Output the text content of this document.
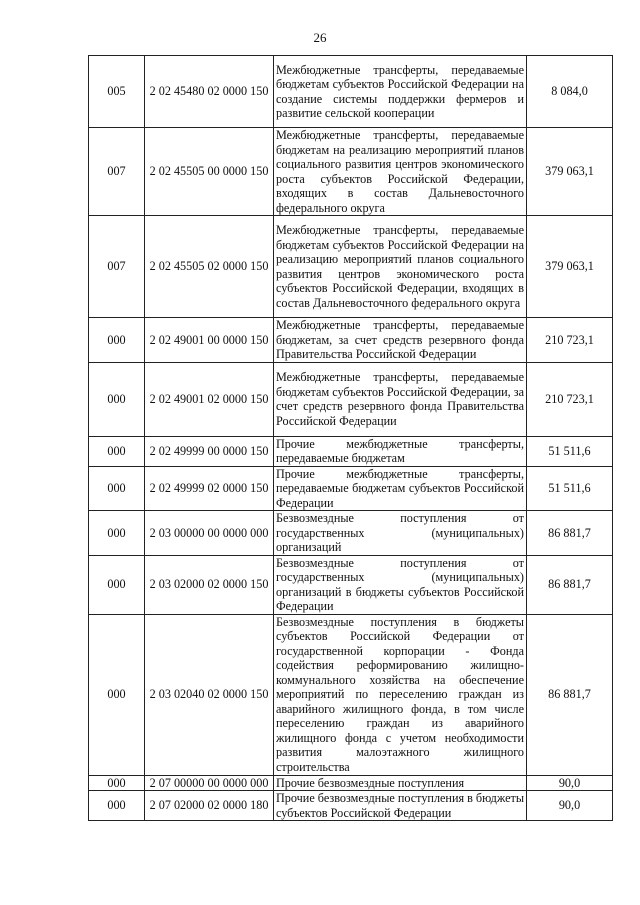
26
005	2 02 45480 02 0000 150	Межбюджетные трансферты, передаваемые бюджетам субъектов Российской Федерации на создание системы поддержки фермеров и развитие сельской кооперации	8 084,0
007	2 02 45505 00 0000 150	Межбюджетные трансферты, передаваемые бюджетам на реализацию мероприятий планов социального развития центров экономического роста субъектов Российской Федерации, входящих в состав Дальневосточного федерального округа	379 063,1
007	2 02 45505 02 0000 150	Межбюджетные трансферты, передаваемые бюджетам субъектов Российской Федерации на реализацию мероприятий планов социального развития центров экономического роста субъектов Российской Федерации, входящих в состав Дальневосточного федерального округа	379 063,1
000	2 02 49001 00 0000 150	Межбюджетные трансферты, передаваемые бюджетам, за счет средств резервного фонда Правительства Российской Федерации	210 723,1
000	2 02 49001 02 0000 150	Межбюджетные трансферты, передаваемые бюджетам субъектов Российской Федерации, за счет средств резервного фонда Правительства Российской Федерации	210 723,1
000	2 02 49999 00 0000 150	Прочие межбюджетные трансферты, передаваемые бюджетам	51 511,6
000	2 02 49999 02 0000 150	Прочие межбюджетные трансферты, передаваемые бюджетам субъектов Российской Федерации	51 511,6
000	2 03 00000 00 0000 000	Безвозмездные поступления от государственных (муниципальных) организаций	86 881,7
000	2 03 02000 02 0000 150	Безвозмездные поступления от государственных (муниципальных) организаций в бюджеты субъектов Российской Федерации	86 881,7
000	2 03 02040 02 0000 150	Безвозмездные поступления в бюджеты субъектов Российской Федерации от государственной корпорации - Фонда содействия реформированию жилищно-коммунального хозяйства на обеспечение мероприятий по переселению граждан из аварийного жилищного фонда, в том числе переселению граждан из аварийного жилищного фонда с учетом необходимости развития малоэтажного жилищного строительства	86 881,7
000	2 07 00000 00 0000 000	Прочие безвозмездные поступления	90,0
000	2 07 02000 02 0000 180	Прочие безвозмездные поступления в бюджеты субъектов Российской Федерации	90,0
